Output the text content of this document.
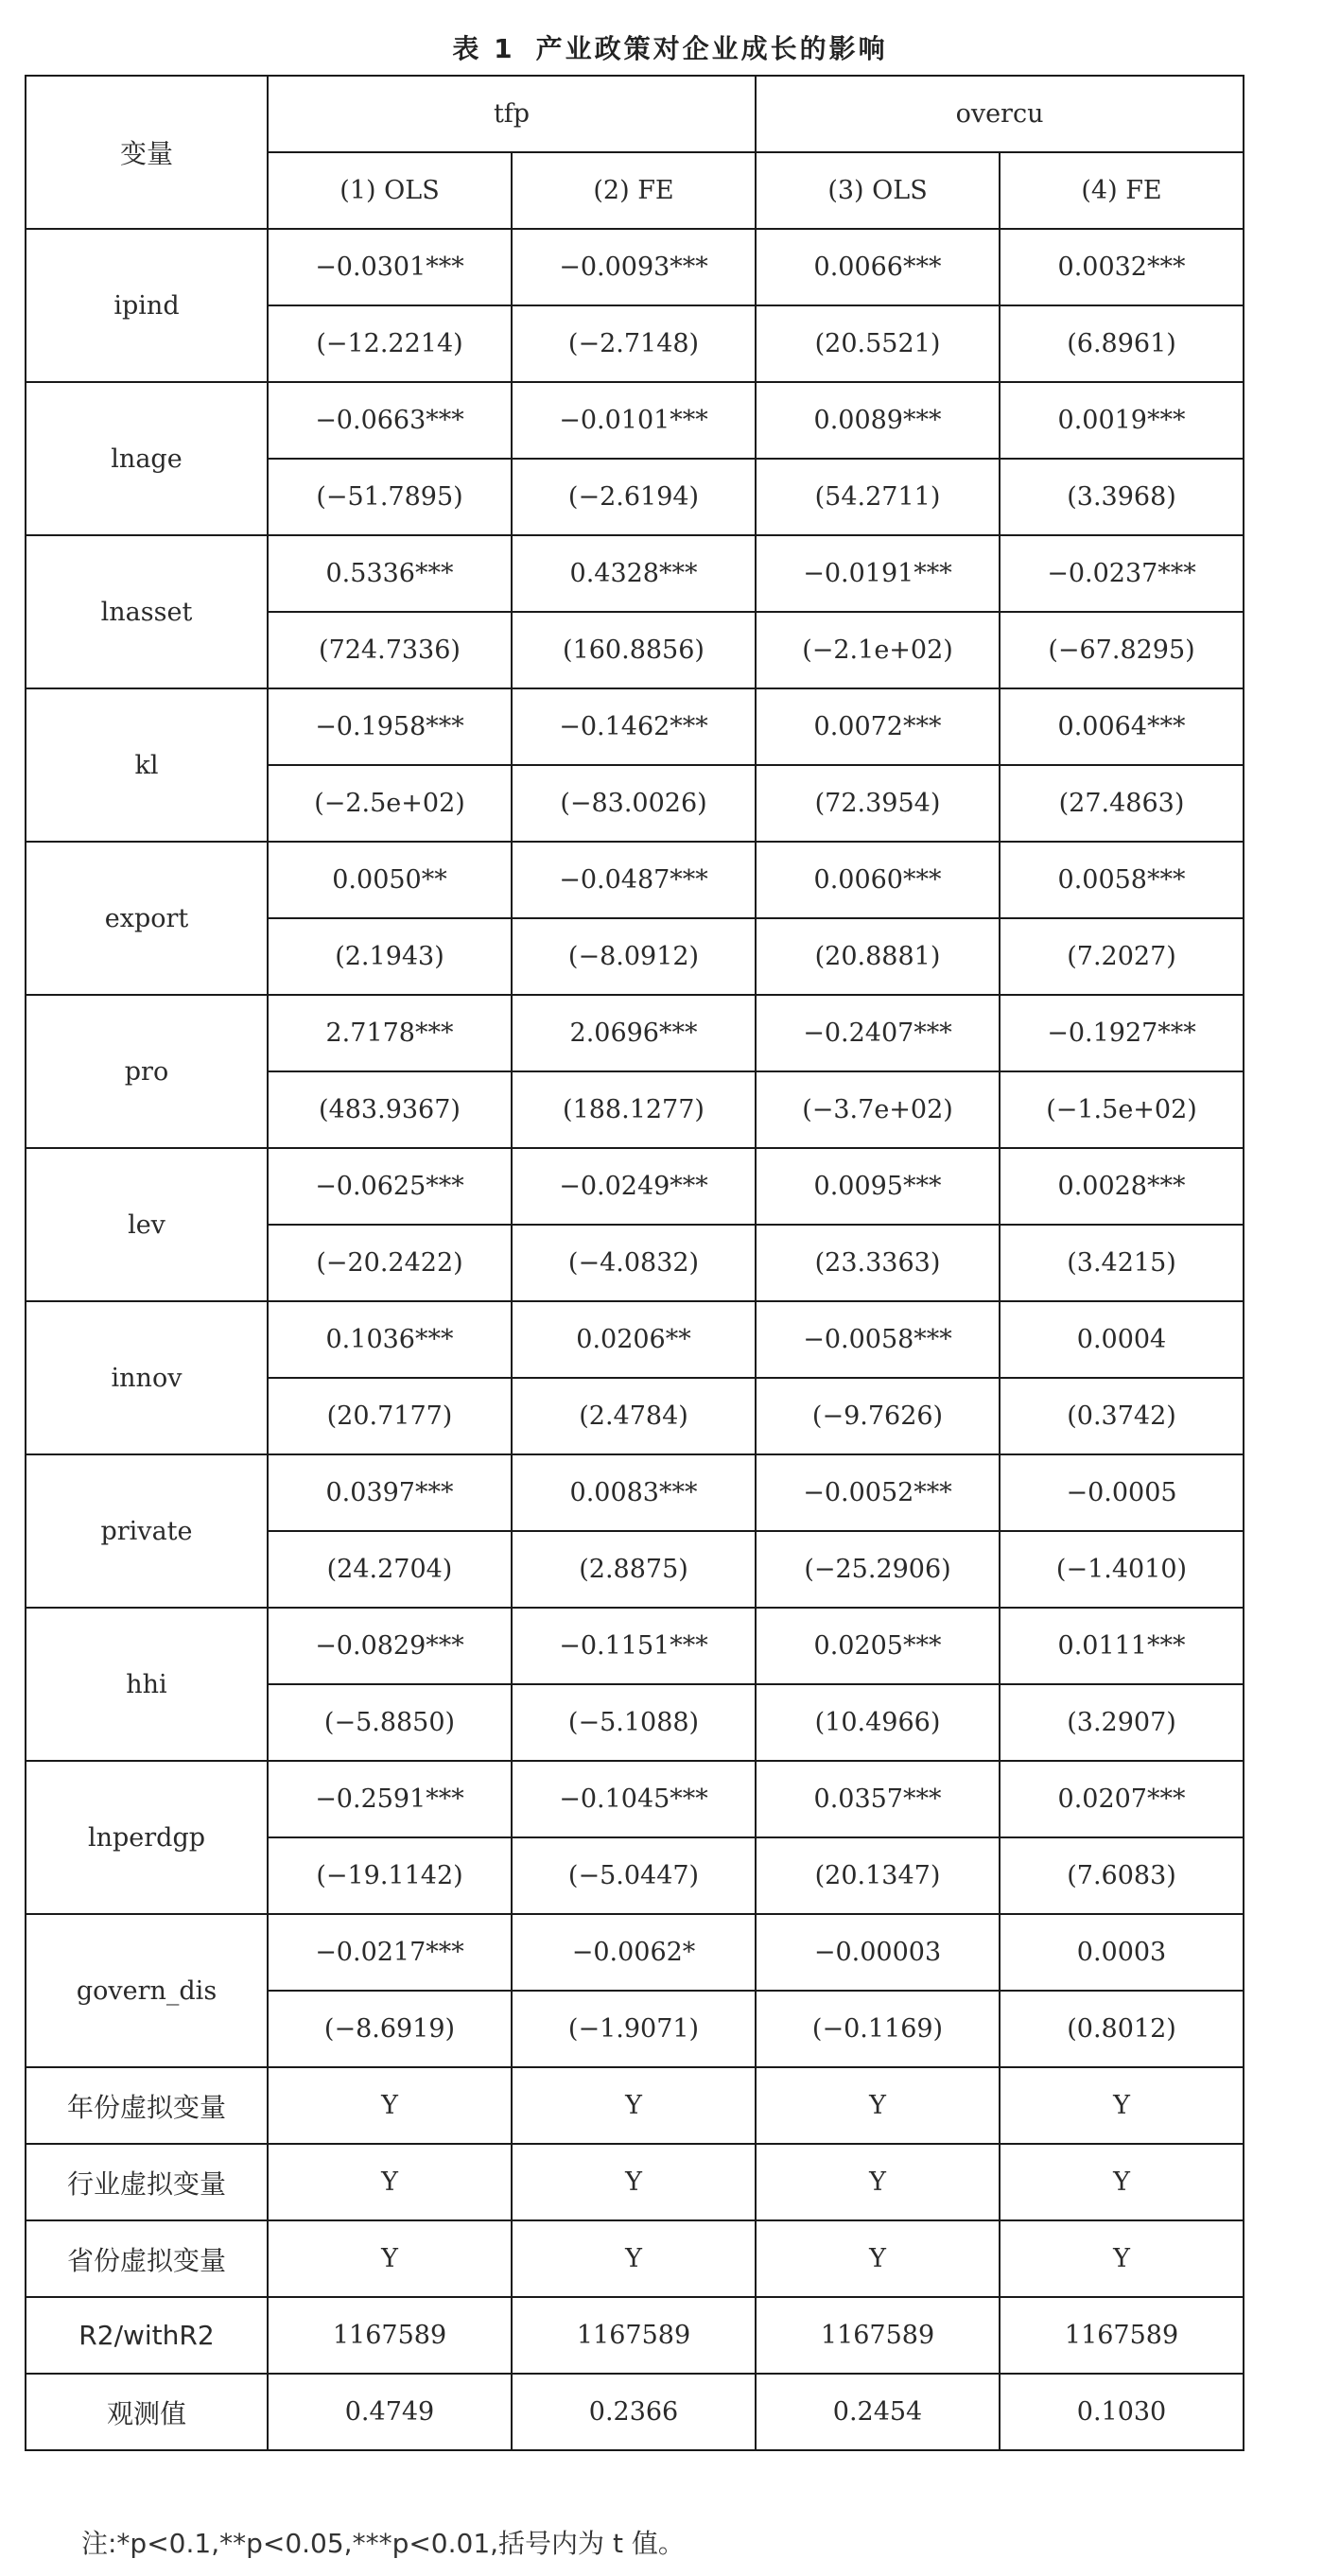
表 1 产业政策对企业成长的影响
变量	tfp		overcu	
	(1) OLS	(2) FE	(3) OLS	(4) FE
ipind	−0.0301***	−0.0093***	0.0066***	0.0032***
	(−12.2214)	(−2.7148)	(20.5521)	(6.8961)
lnage	−0.0663***	−0.0101***	0.0089***	0.0019***
	(−51.7895)	(−2.6194)	(54.2711)	(3.3968)
lnasset	0.5336***	0.4328***	−0.0191***	−0.0237***
	(724.7336)	(160.8856)	(−2.1e+02)	(−67.8295)
kl	−0.1958***	−0.1462***	0.0072***	0.0064***
	(−2.5e+02)	(−83.0026)	(72.3954)	(27.4863)
export	0.0050**	−0.0487***	0.0060***	0.0058***
	(2.1943)	(−8.0912)	(20.8881)	(7.2027)
pro	2.7178***	2.0696***	−0.2407***	−0.1927***
	(483.9367)	(188.1277)	(−3.7e+02)	(−1.5e+02)
lev	−0.0625***	−0.0249***	0.0095***	0.0028***
	(−20.2422)	(−4.0832)	(23.3363)	(3.4215)
innov	0.1036***	0.0206**	−0.0058***	0.0004
	(20.7177)	(2.4784)	(−9.7626)	(0.3742)
private	0.0397***	0.0083***	−0.0052***	−0.0005
	(24.2704)	(2.8875)	(−25.2906)	(−1.4010)
hhi	−0.0829***	−0.1151***	0.0205***	0.0111***
	(−5.8850)	(−5.1088)	(10.4966)	(3.2907)
lnperdgp	−0.2591***	−0.1045***	0.0357***	0.0207***
	(−19.1142)	(−5.0447)	(20.1347)	(7.6083)
govern_dis	−0.0217***	−0.0062*	−0.00003	0.0003
	(−8.6919)	(−1.9071)	(−0.1169)	(0.8012)
年份虚拟变量	Y	Y	Y	Y
行业虚拟变量	Y	Y	Y	Y
省份虚拟变量	Y	Y	Y	Y
R2/withR2	1167589	1167589	1167589	1167589
观测值	0.4749	0.2366	0.2454	0.1030
注:*p<0.1,**p<0.05,***p<0.01,括号内为 t 值。
